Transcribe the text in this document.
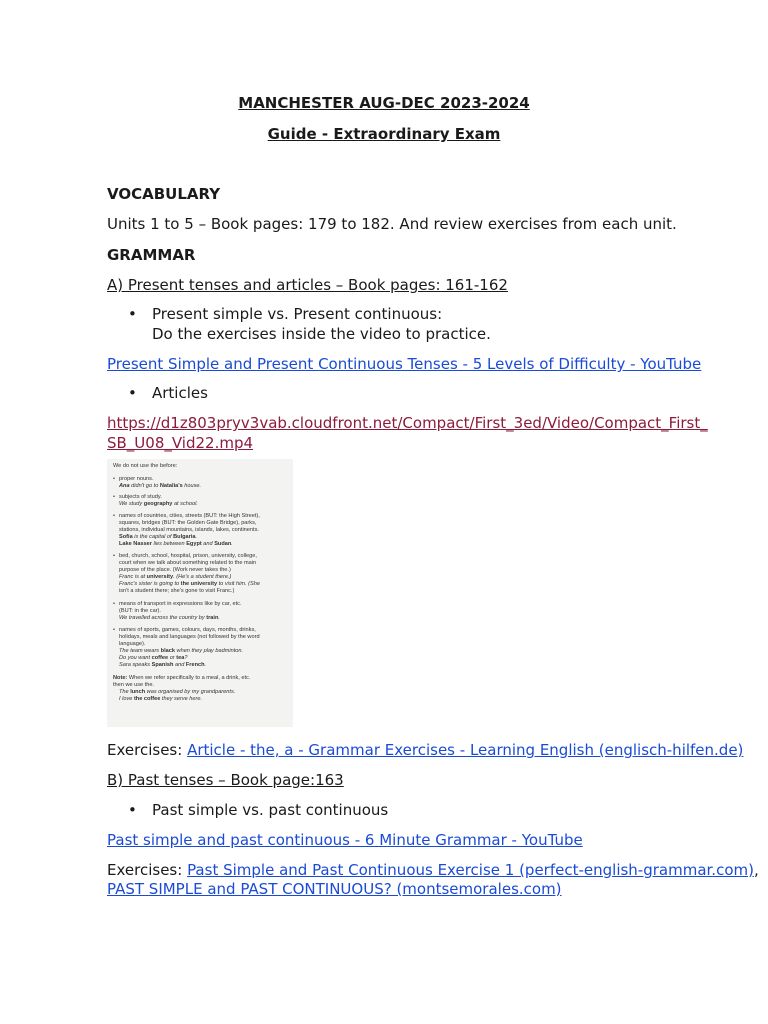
MANCHESTER AUG-DEC 2023-2024
Guide - Extraordinary Exam
VOCABULARY
Units 1 to 5 – Book pages: 179 to 182. And review exercises from each unit.
GRAMMAR
A) Present tenses and articles – Book pages: 161-162
• Present simple vs. Present continuous:
Do the exercises inside the video to practice.
Present Simple and Present Continuous Tenses - 5 Levels of Difficulty - YouTube
• Articles
https://d1z803pryv3vab.cloudfront.net/Compact/First_3ed/Video/Compact_First_
SB_U08_Vid22.mp4
We do not use the before:
• proper nouns.
Ana didn't go to Natalia's house.
• subjects of study.
We study geography at school.
• names of countries, cities, streets (BUT: the High Street),
squares, bridges (BUT: the Golden Gate Bridge), parks,
stations, individual mountains, islands, lakes, continents.
Sofia is the capital of Bulgaria.
Lake Nasser lies between Egypt and Sudan.
• bed, church, school, hospital, prison, university, college,
court when we talk about something related to the main
purpose of the place. (Work never takes the.)
Franc is at university. (He's a student there.)
Franc's sister is going to the university to visit him. (She
isn't a student there; she's gone to visit Franc.)
• means of transport in expressions like by car, etc.
(BUT: in the car).
We travelled across the country by train.
• names of sports, games, colours, days, months, drinks,
holidays, meals and languages (not followed by the word
language).
The team wears black when they play badminton.
Do you want coffee or tea?
Sara speaks Spanish and French.
Note: When we refer specifically to a meal, a drink, etc.
then we use the.
The lunch was organised by my grandparents.
I love the coffee they serve here.
Exercises: Article - the, a - Grammar Exercises - Learning English (englisch-hilfen.de)
B) Past tenses – Book page:163
• Past simple vs. past continuous
Past simple and past continuous - 6 Minute Grammar - YouTube
Exercises: Past Simple and Past Continuous Exercise 1 (perfect-english-grammar.com),
PAST SIMPLE and PAST CONTINUOUS? (montsemorales.com)
